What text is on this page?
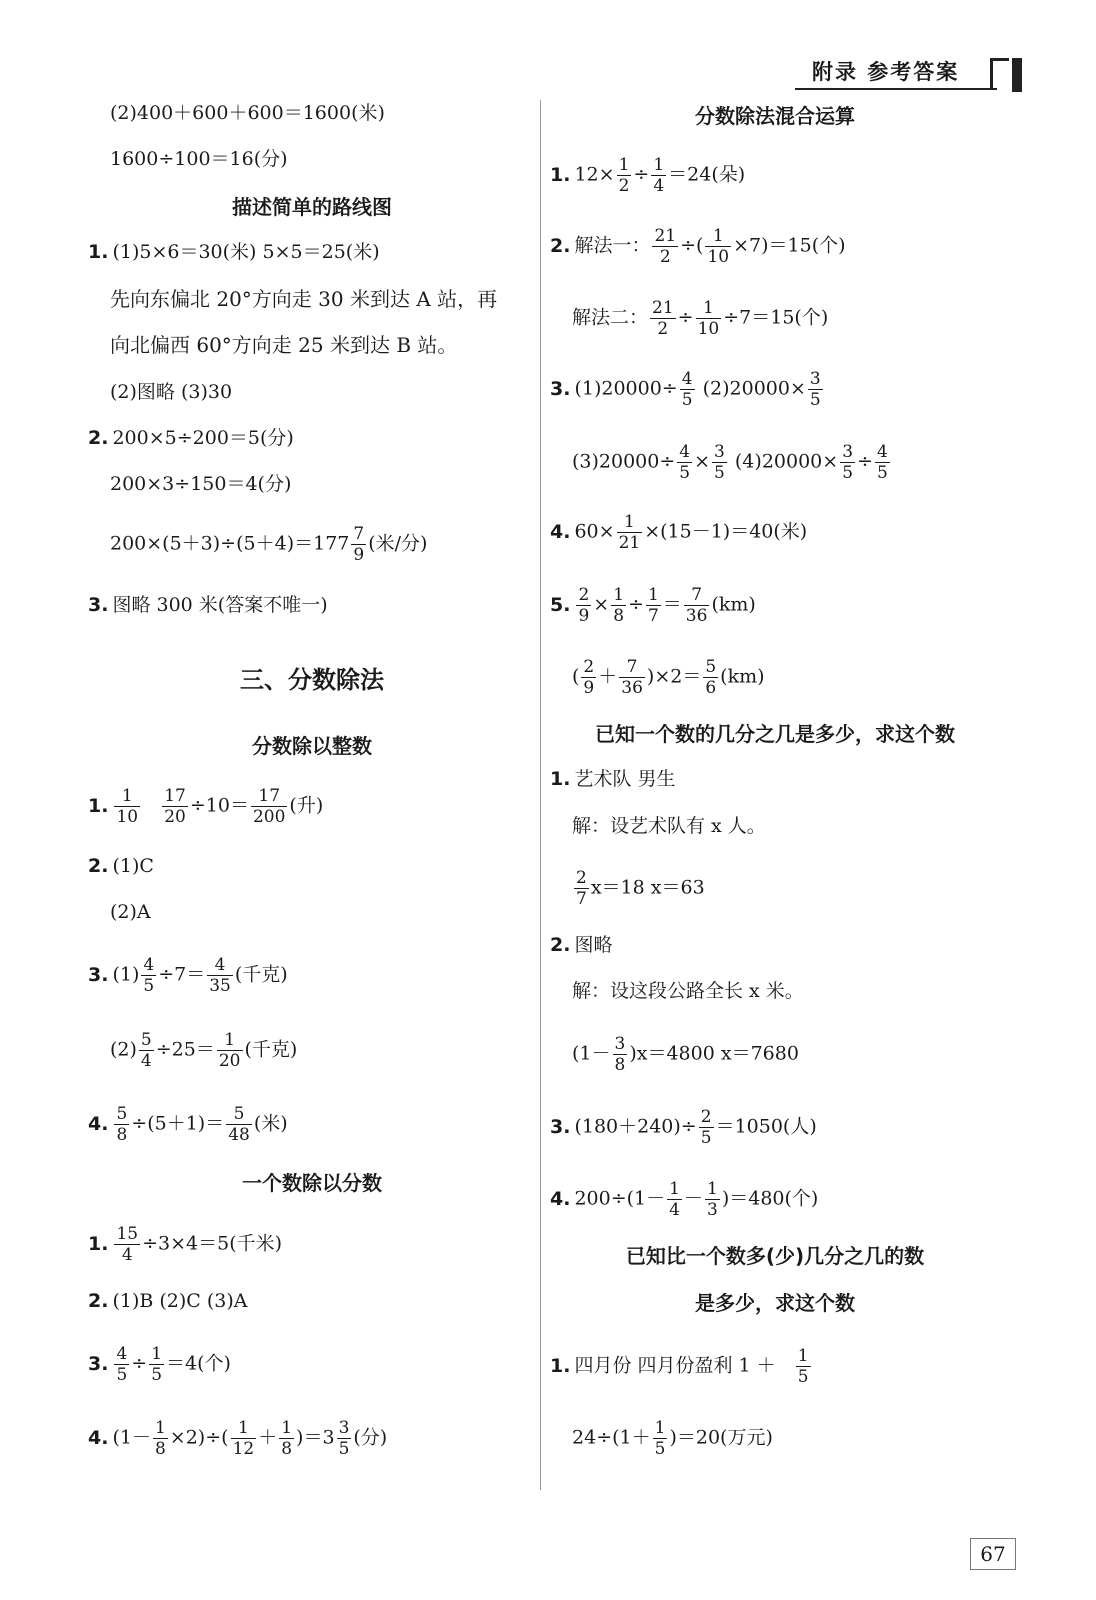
附录 参考答案
(2)400＋600＋600＝1600(米)
1600÷100＝16(分)
描述简单的路线图
1. (1)5×6＝30(米) 5×5＝25(米)
先向东偏北 20°方向走 30 米到达 A 站，再
向北偏西 60°方向走 25 米到达 B 站。
(2)图略 (3)30
2. 200×5÷200＝5(分)
200×3÷150＝4(分)
$200\times(5+3)\div(5+4)=177 \frac{7}{9}$ (米/分)
3. 图略 300 米(答案不唯一)
三、分数除法
分数除以整数
1. $\frac{1}{10}$
$\frac{17}{20} \div 10= \frac{17}{200}$ (升)
2. (1)C
(2)A
3. $(1) \frac{4}{5} \div 7= \frac{4}{35}$ (千克)
$(2) \frac{5}{4} \div 25= \frac{1}{20}$ (千克)
4. $\frac{5}{8} \div(5+1)= \frac{5}{48}$ (米)
一个数除以分数
1. $\frac{15}{4} \div 3\times 4=5$(千米)
2. (1)B (2)C (3)A
3. $\frac{4}{5} \div \frac{1}{5} =4$(个)
4. $(1- \frac{1}{8} \times 2)\div( \frac{1}{12} + \frac{1}{8} )=3 \frac{3}{5}$ (分)
分数除法混合运算
1. $12\times \frac{1}{2} \div \frac{1}{4} =24$(朵)
2. 解法一： $\frac{21}{2}$ ÷( $\frac{1}{10} \times 7)=15$(个)
解法二： $\frac{21}{2} \div \frac{1}{10} \div 7=15$(个)
3. $(1)20000\div \frac{4}{5} (2)20000\times \frac{3}{5}$
$(3)20000\div \frac{4}{5} \times \frac{3}{5} (4)20000\times \frac{3}{5} \div \frac{4}{5}$
4. $60\times \frac{1}{21} \times(15-1)=40$(米)
5. $\frac{2}{9} \times \frac{1}{8} \div \frac{1}{7} = \frac{7}{36} (km)$
( $\frac{2}{9} + \frac{7}{36} )\times 2= \frac{5}{6} (km)$
已知一个数的几分之几是多少，求这个数
1. 艺术队 男生
解：设艺术队有 x 人。
$\frac{2}{7} x=18$ x＝63
2. 图略
解：设这段公路全长 x 米。
$(1- \frac{3}{8} )x=4800$ x＝7680
3. $(180+240)\div \frac{2}{5} =1050$(人)
4. $200\div(1- \frac{1}{4} - \frac{1}{3} )=480$(个)
已知比一个数多(少)几分之几的数
是多少，求这个数
1. 四月份 四月份盈利 $1 + \frac{1}{5}$
$24\div(1+ \frac{1}{5} )=20$(万元)
67
